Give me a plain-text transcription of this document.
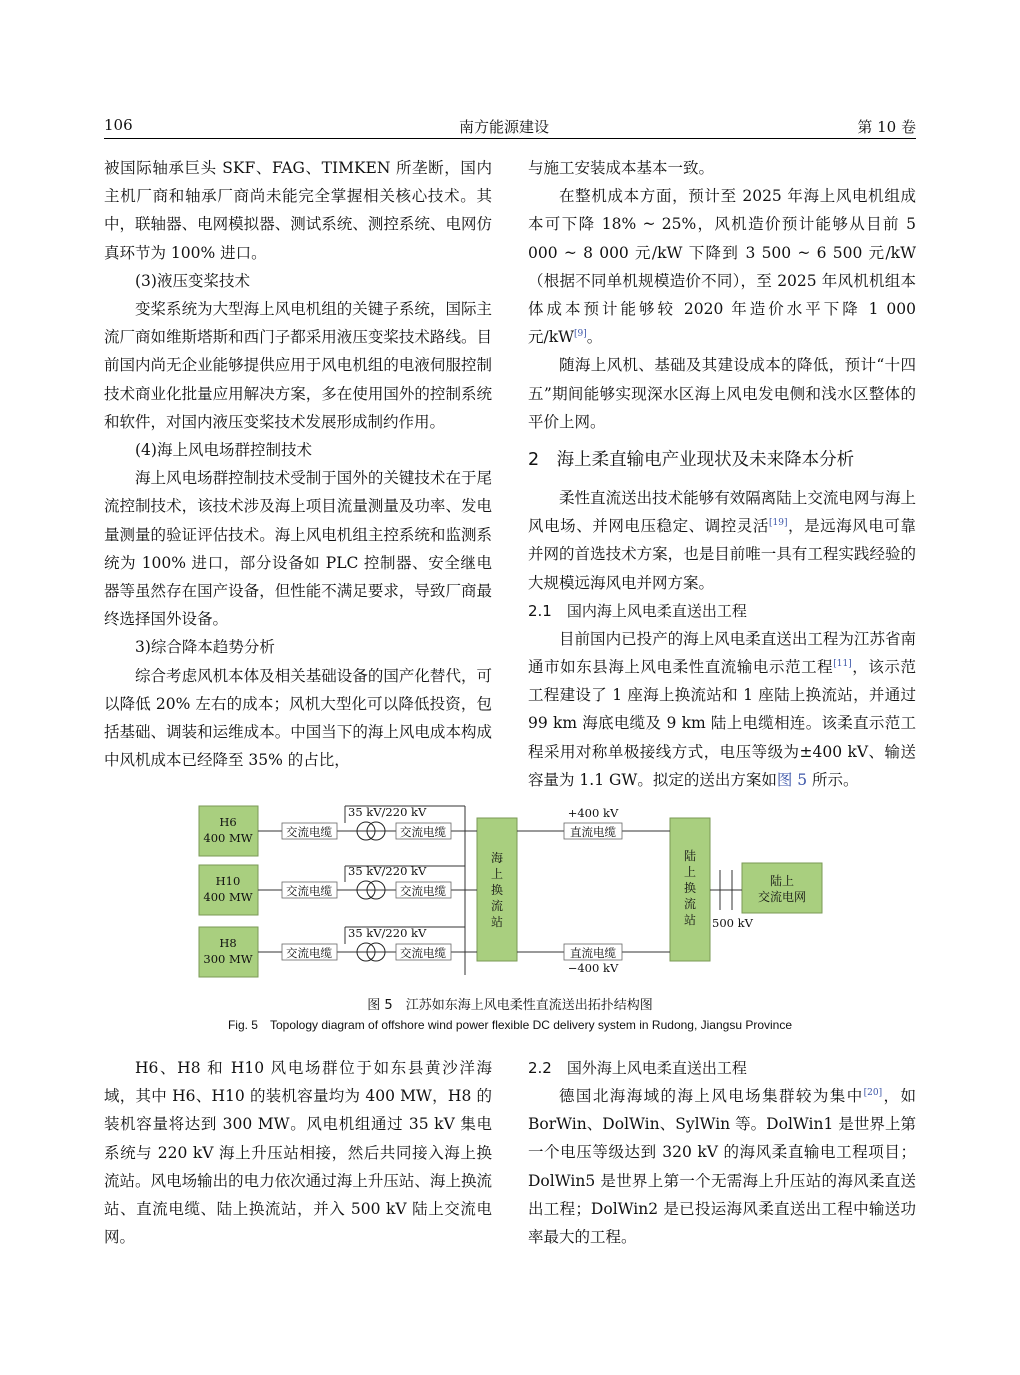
106	南方能源建设	第 10 卷

被国际轴承巨头 SKF、FAG、TIMKEN 所垄断，国内主机厂商和轴承厂商尚未能完全掌握相关核心技术。其中，联轴器、电网模拟器、测试系统、测控系统、电网仿真环节为 100% 进口。

(3)液压变桨技术

变桨系统为大型海上风电机组的关键子系统，国际主流厂商如维斯塔斯和西门子都采用液压变桨技术路线。目前国内尚无企业能够提供应用于风电机组的电液伺服控制技术商业化批量应用解决方案，多在使用国外的控制系统和软件，对国内液压变桨技术发展形成制约作用。

(4)海上风电场群控制技术

海上风电场群控制技术受制于国外的关键技术在于尾流控制技术，该技术涉及海上项目流量测量及功率、发电量测量的验证评估技术。海上风电机组主控系统和监测系统为 100% 进口，部分设备如 PLC 控制器、安全继电器等虽然存在国产设备，但性能不满足要求，导致厂商最终选择国外设备。

3)综合降本趋势分析

综合考虑风机本体及相关基础设备的国产化替代，可以降低 20% 左右的成本；风机大型化可以降低投资，包括基础、调装和运维成本。中国当下的海上风电成本构成中风机成本已经降至 35% 的占比，

与施工安装成本基本一致。

在整机成本方面，预计至 2025 年海上风电机组成本可下降 18% ~ 25%，风机造价预计能够从目前 5 000 ~ 8 000 元/kW 下降到 3 500 ~ 6 500 元/kW（根据不同单机规模造价不同），至 2025 年风机机组本体成本预计能够较 2020 年造价水平下降 1 000 元/kW[9]。

随海上风机、基础及其建设成本的降低，预计“十四五”期间能够实现深水区海上风电发电侧和浅水区整体的平价上网。

2　海上柔直输电产业现状及未来降本分析

柔性直流送出技术能够有效隔离陆上交流电网与海上风电场、并网电压稳定、调控灵活[19]，是远海风电可靠并网的首选技术方案，也是目前唯一具有工程实践经验的大规模远海风电并网方案。

2.1　国内海上风电柔直送出工程

目前国内已投产的海上风电柔直送出工程为江苏省南通市如东县海上风电柔性直流输电示范工程[11]，该示范工程建设了 1 座海上换流站和 1 座陆上换流站，并通过 99 km 海底电缆及 9 km 陆上电缆相连。该柔直示范工程采用对称单极接线方式，电压等级为±400 kV、输送容量为 1.1 GW。拟定的送出方案如图 5 所示。

H6
400 MW
H10
400 MW
H8
300 MW
交流电缆	交流电缆
交流电缆	交流电缆
交流电缆	交流电缆
直流电缆
直流电缆
+400 kV
−400 kV
35 kV/220 kV
35 kV/220 kV
35 kV/220 kV
500 kV
海
上
换
流
站
陆
上
换
流
站
陆上
交流电网
图 5　江苏如东海上风电柔性直流送出拓扑结构图
Fig. 5　Topology diagram of offshore wind power flexible DC delivery system in Rudong, Jiangsu Province

H6、H8 和 H10 风电场群位于如东县黄沙洋海域，其中 H6、H10 的装机容量均为 400 MW，H8 的装机容量将达到 300 MW。风电机组通过 35 kV 集电系统与 220 kV 海上升压站相接，然后共同接入海上换流站。风电场输出的电力依次通过海上升压站、海上换流站、直流电缆、陆上换流站，并入 500 kV 陆上交流电网。

2.2　国外海上风电柔直送出工程

德国北海海域的海上风电场集群较为集中[20]，如 BorWin、DolWin、SylWin 等。DolWin1 是世界上第一个电压等级达到 320 kV 的海风柔直输电工程项目；DolWin5 是世界上第一个无需海上升压站的海风柔直送出工程；DolWin2 是已投运海风柔直送出工程中输送功率最大的工程。
